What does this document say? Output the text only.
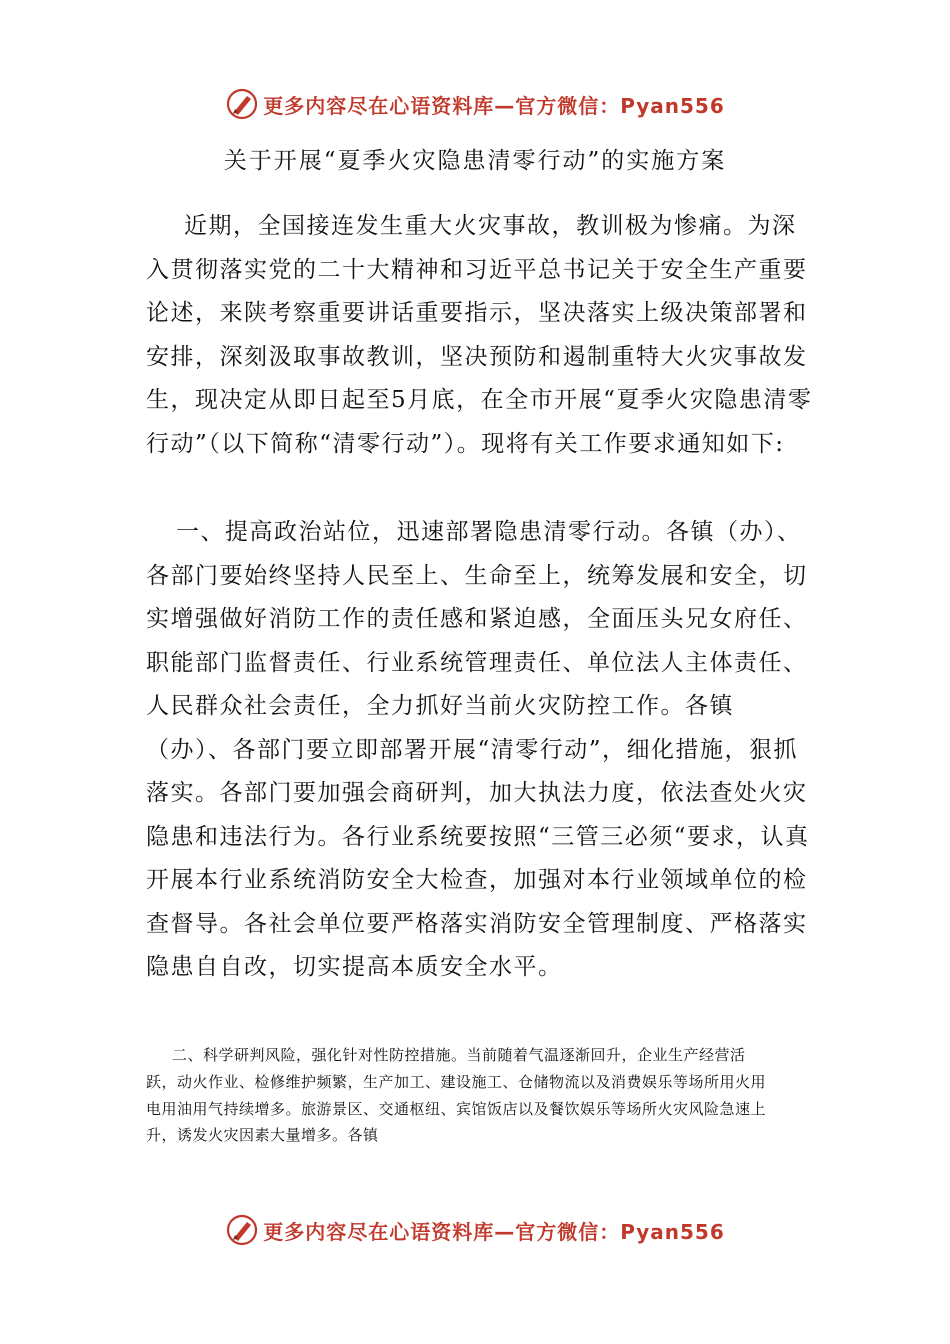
更多内容尽在心语资料库—官方微信：Pyan556
关于开展“夏季火灾隐患清零行动”的实施方案

近期，全国接连发生重大火灾事故，教训极为惨痛。为深入贯彻落实党的二十大精神和习近平总书记关于安全生产重要论述，来陕考察重要讲话重要指示，坚决落实上级决策部署和安排，深刻汲取事故教训，坚决预防和遏制重特大火灾事故发生，现决定从即日起至5月底，在全市开展“夏季火灾隐患清零行动”（以下简称“清零行动”）。现将有关工作要求通知如下:

一、提高政治站位，迅速部署隐患清零行动。各镇（办）、各部门要始终坚持人民至上、生命至上，统筹发展和安全，切实增强做好消防工作的责任感和紧迫感，全面压头兄女府任、职能部门监督责任、行业系统管理责任、单位法人主体责任、人民群众社会责任，全力抓好当前火灾防控工作。各镇（办）、各部门要立即部署开展“清零行动”，细化措施，狠抓落实。各部门要加强会商研判，加大执法力度，依法查处火灾隐患和违法行为。各行业系统要按照“三管三必须“要求，认真开展本行业系统消防安全大检查，加强对本行业领域单位的检查督导。各社会单位要严格落实消防安全管理制度、严格落实隐患自自改，切实提高本质安全水平。

二、科学研判风险，强化针对性防控措施。当前随着气温逐渐回升，企业生产经营活跃，动火作业、检修维护频繁，生产加工、建设施工、仓储物流以及消费娱乐等场所用火用电用油用气持续增多。旅游景区、交通枢纽、宾馆饭店以及餐饮娱乐等场所火灾风险急速上升，诱发火灾因素大量增多。各镇

更多内容尽在心语资料库—官方微信：Pyan556
